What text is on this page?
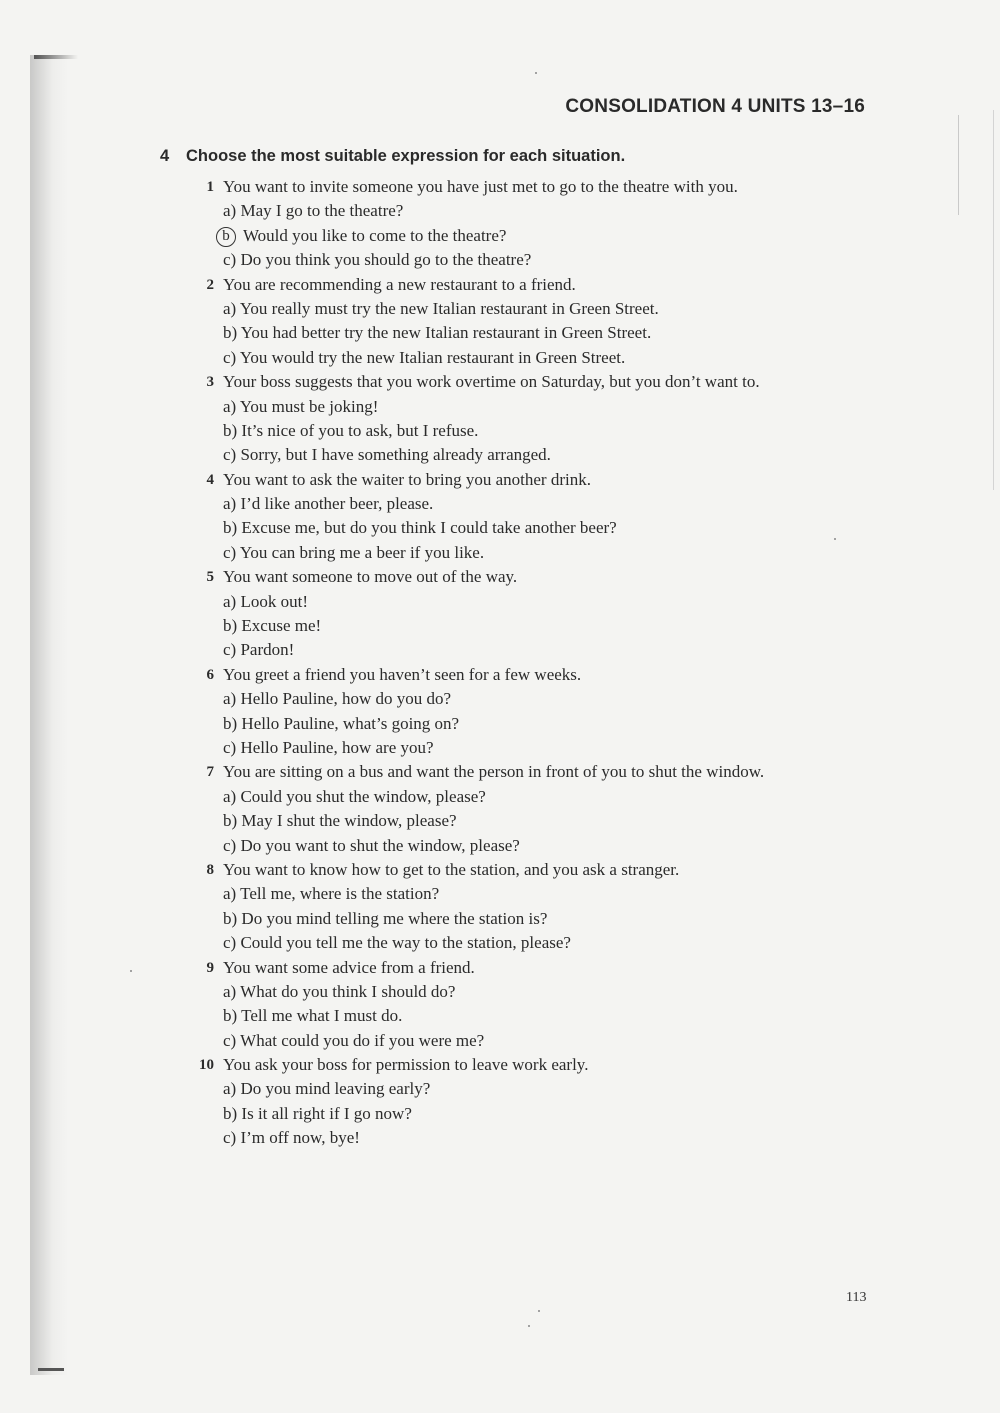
CONSOLIDATION 4 UNITS 13–16
4 Choose the most suitable expression for each situation.
1 You want to invite someone you have just met to go to the theatre with you.
a) May I go to the theatre?
b Would you like to come to the theatre?
c) Do you think you should go to the theatre?
2 You are recommending a new restaurant to a friend.
a) You really must try the new Italian restaurant in Green Street.
b) You had better try the new Italian restaurant in Green Street.
c) You would try the new Italian restaurant in Green Street.
3 Your boss suggests that you work overtime on Saturday, but you don’t want to.
a) You must be joking!
b) It’s nice of you to ask, but I refuse.
c) Sorry, but I have something already arranged.
4 You want to ask the waiter to bring you another drink.
a) I’d like another beer, please.
b) Excuse me, but do you think I could take another beer?
c) You can bring me a beer if you like.
5 You want someone to move out of the way.
a) Look out!
b) Excuse me!
c) Pardon!
6 You greet a friend you haven’t seen for a few weeks.
a) Hello Pauline, how do you do?
b) Hello Pauline, what’s going on?
c) Hello Pauline, how are you?
7 You are sitting on a bus and want the person in front of you to shut the window.
a) Could you shut the window, please?
b) May I shut the window, please?
c) Do you want to shut the window, please?
8 You want to know how to get to the station, and you ask a stranger.
a) Tell me, where is the station?
b) Do you mind telling me where the station is?
c) Could you tell me the way to the station, please?
9 You want some advice from a friend.
a) What do you think I should do?
b) Tell me what I must do.
c) What could you do if you were me?
10 You ask your boss for permission to leave work early.
a) Do you mind leaving early?
b) Is it all right if I go now?
c) I’m off now, bye!
113
